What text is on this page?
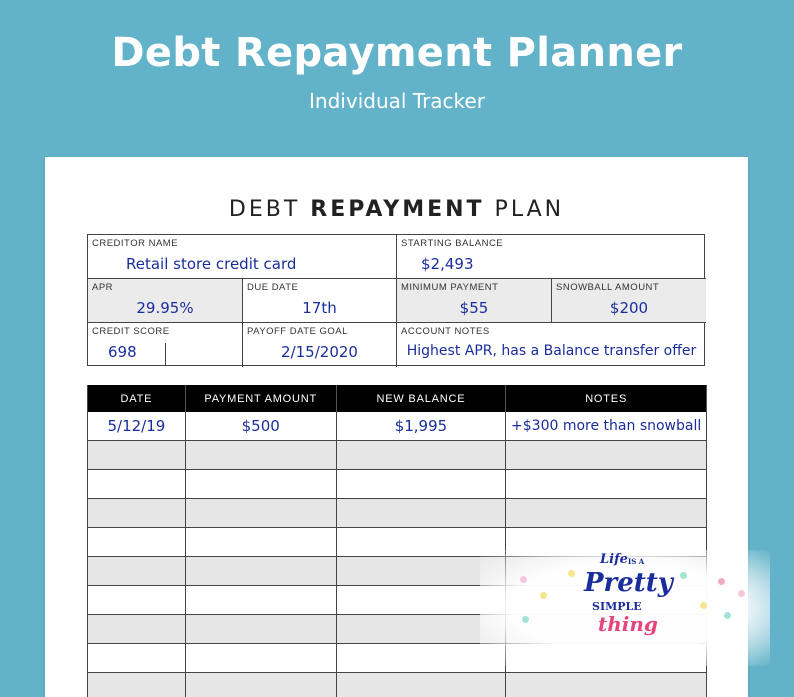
Debt Repayment Planner
Individual Tracker
DEBT REPAYMENT PLAN
CREDITOR NAME
Retail store credit card
STARTING BALANCE
$2,493
APR
29.95%
DUE DATE
17th
MINIMUM PAYMENT
$55
SNOWBALL AMOUNT
$200
CREDIT SCORE
698
PAYOFF DATE GOAL
2/15/2020
ACCOUNT NOTES
Highest APR, has a Balance transfer offer
DATE	PAYMENT AMOUNT	NEW BALANCE	NOTES
5/12/19	$500	$1,995	+$300 more than snowball
Life IS A
Pretty
SIMPLE
thing
